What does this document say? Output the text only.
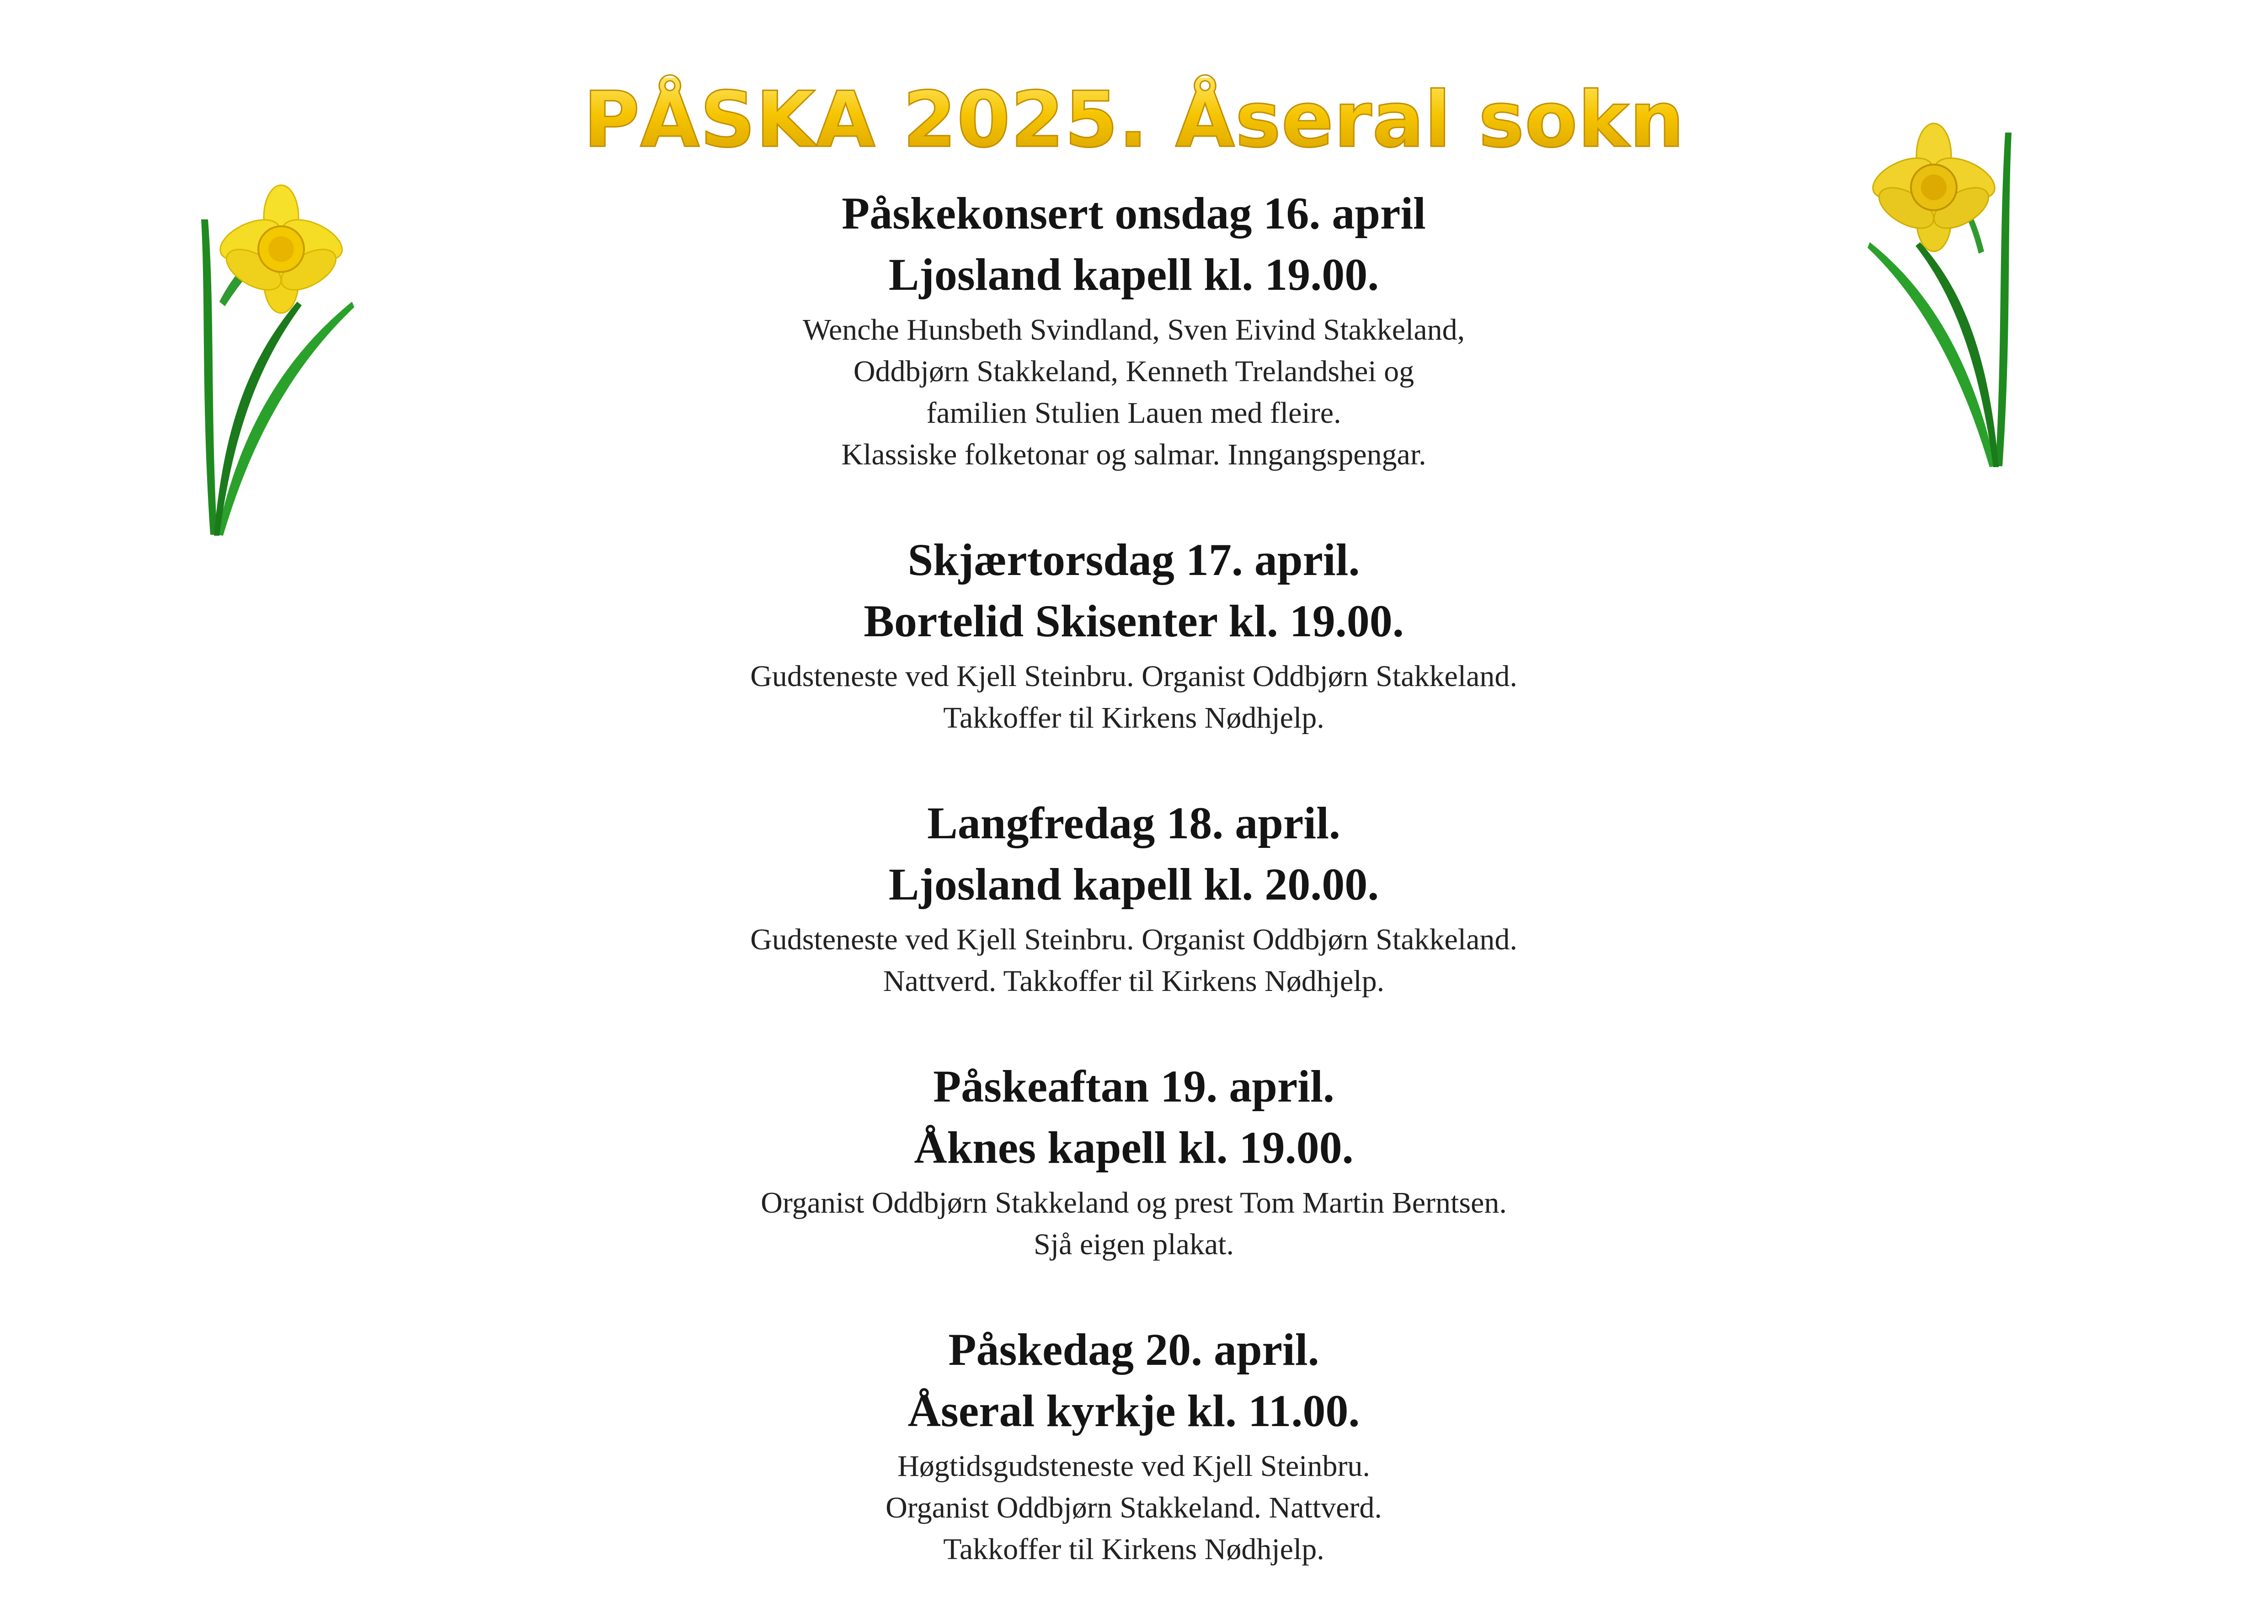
PÅSKA 2025. Åseral sokn

Påskekonsert onsdag 16. april

Ljosland kapell kl. 19.00.

Wenche Hunsbeth Svindland, Sven Eivind Stakkeland,
Oddbjørn Stakkeland, Kenneth Trelandshei og
familien Stulien Lauen med fleire.
Klassiske folketonar og salmar. Inngangspengar.

Skjærtorsdag 17. april.

Bortelid Skisenter kl. 19.00.

Gudsteneste ved Kjell Steinbru. Organist Oddbjørn Stakkeland.
Takkoffer til Kirkens Nødhjelp.

Langfredag 18. april.

Ljosland kapell kl. 20.00.

Gudsteneste ved Kjell Steinbru. Organist Oddbjørn Stakkeland.
Nattverd. Takkoffer til Kirkens Nødhjelp.

Påskeaftan 19. april.

Åknes kapell kl. 19.00.

Organist Oddbjørn Stakkeland og prest Tom Martin Berntsen.
Sjå eigen plakat.

Påskedag 20. april.

Åseral kyrkje kl. 11.00.

Høgtidsgudsteneste ved Kjell Steinbru.
Organist Oddbjørn Stakkeland. Nattverd.
Takkoffer til Kirkens Nødhjelp.
